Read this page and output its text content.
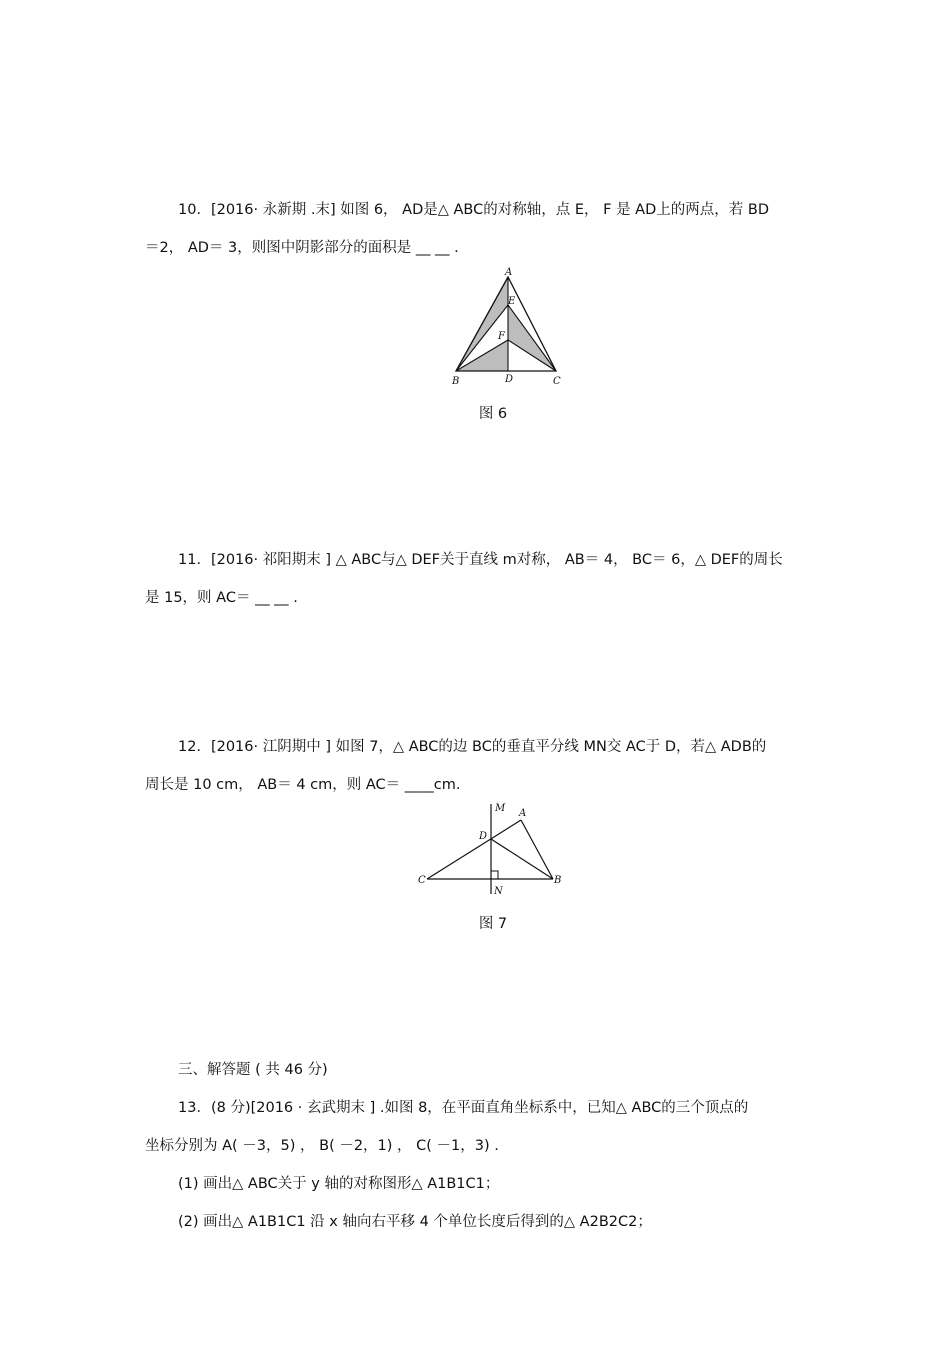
10．[2016· 永新期 .末] 如图 6， AD是△ ABC的对称轴，点 E， F 是 AD上的两点，若 BD
＝2， AD＝ 3，则图中阴影部分的面积是 __ __ .
A
E
F
B	D	C
图 6
11．[2016· 祁阳期末 ] △ ABC与△ DEF关于直线 m对称， AB＝ 4， BC＝ 6，△ DEF的周长
是 15，则 AC＝ __ __ .
12．[2016· 江阴期中 ] 如图 7，△ ABC的边 BC的垂直平分线 MN交 AC于 D，若△ ADB的
周长是 10 cm， AB＝ 4 cm，则 AC＝ ____cm.
M A
D
C	B
N
图 7
三、解答题 ( 共 46 分)
13．(8 分)[2016 · 玄武期末 ] .如图 8，在平面直角坐标系中，已知△ ABC的三个顶点的
坐标分别为 A( －3，5) ， B( －2，1) ， C( －1，3) .
(1) 画出△ ABC关于 y 轴的对称图形△ A1B1C1；
(2) 画出△ A1B1C1 沿 x 轴向右平移 4 个单位长度后得到的△ A2B2C2；
